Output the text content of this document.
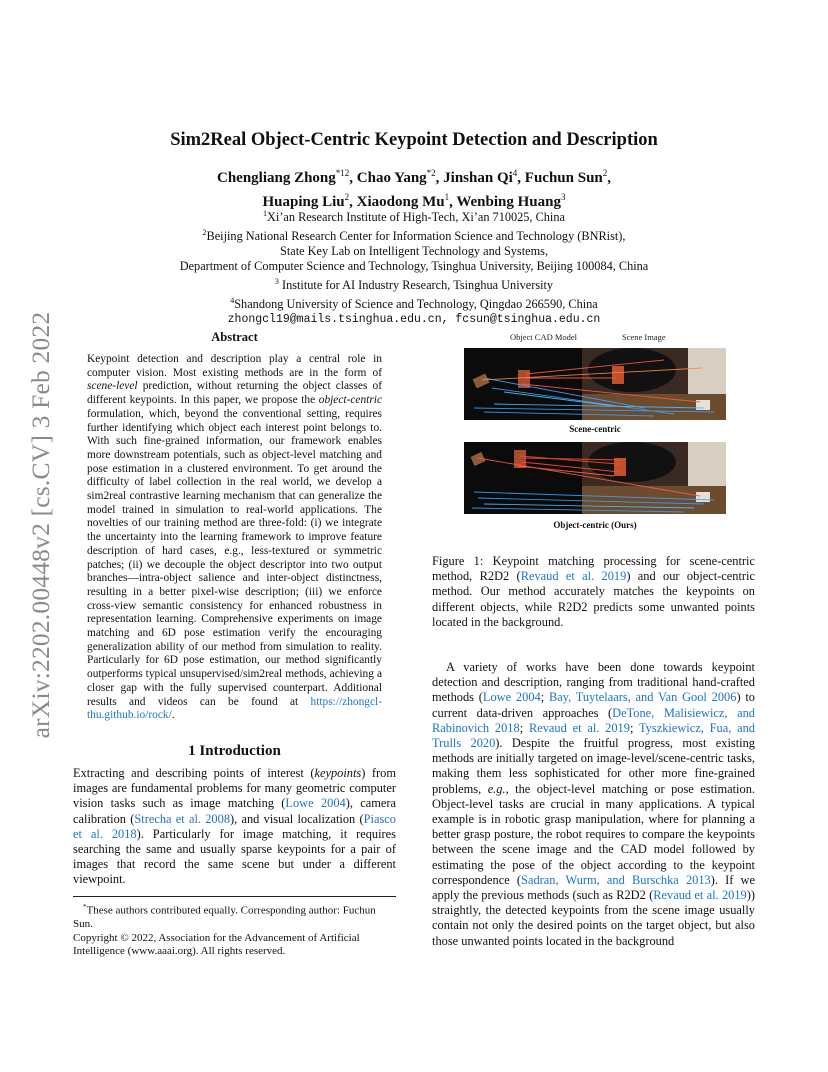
arXiv:2202.00448v2 [cs.CV] 3 Feb 2022
Sim2Real Object-Centric Keypoint Detection and Description
Chengliang Zhong$^{*12}$, Chao Yang$^{*2}$, Jinshan Qi$^4$, Fuchun Sun$^2$,
Huaping Liu$^2$, Xiaodong Mu$^1$, Wenbing Huang$^3$
$^1$Xi’an Research Institute of High-Tech, Xi’an 710025, China
$^2$Beijing National Research Center for Information Science and Technology (BNRist),
State Key Lab on Intelligent Technology and Systems,
Department of Computer Science and Technology, Tsinghua University, Beijing 100084, China
$^3$ Institute for AI Industry Research, Tsinghua University
$^4$Shandong University of Science and Technology, Qingdao 266590, China
zhongcl19@mails.tsinghua.edu.cn, fcsun@tsinghua.edu.cn
Abstract
Keypoint detection and description play a central role in computer vision. Most existing methods are in the form of scene-level prediction, without returning the object classes of different keypoints. In this paper, we propose the object-centric formulation, which, beyond the conventional setting, requires further identifying which object each interest point belongs to. With such fine-grained information, our framework enables more downstream potentials, such as object-level matching and pose estimation in a clustered environment. To get around the difficulty of label collection in the real world, we develop a sim2real contrastive learning mechanism that can generalize the model trained in simulation to real-world applications. The novelties of our training method are three-fold: (i) we integrate the uncertainty into the learning framework to improve feature description of hard cases, e.g., less-textured or symmetric patches; (ii) we decouple the object descriptor into two output branches—intra-object salience and inter-object distinctness, resulting in a better pixel-wise description; (iii) we enforce cross-view semantic consistency for enhanced robustness in representation learning. Comprehensive experiments on image matching and 6D pose estimation verify the encouraging generalization ability of our method from simulation to reality. Particularly for 6D pose estimation, our method significantly outperforms typical unsupervised/sim2real methods, achieving a closer gap with the fully supervised counterpart. Additional results and videos can be found at https://zhongcl-thu.github.io/rock/.
1 Introduction
Extracting and describing points of interest (keypoints) from images are fundamental problems for many geometric computer vision tasks such as image matching (Lowe 2004), camera calibration (Strecha et al. 2008), and visual localization (Piasco et al. 2018). Particularly for image matching, it requires searching the same and usually sparse keypoints for a pair of images that record the same scene but under a different viewpoint.
*These authors contributed equally. Corresponding author: Fuchun Sun.
Copyright © 2022, Association for the Advancement of Artificial Intelligence (www.aaai.org). All rights reserved.
Object CAD Model	Scene Image
Scene-centric
Object-centric (Ours)
Figure 1: Keypoint matching processing for scene-centric method, R2D2 (Revaud et al. 2019) and our object-centric method. Our method accurately matches the keypoints on different objects, while R2D2 predicts some unwanted points located in the background.
A variety of works have been done towards keypoint detection and description, ranging from traditional hand-crafted methods (Lowe 2004; Bay, Tuytelaars, and Van Gool 2006) to current data-driven approaches (DeTone, Malisiewicz, and Rabinovich 2018; Revaud et al. 2019; Tyszkiewicz, Fua, and Trulls 2020). Despite the fruitful progress, most existing methods are initially targeted on image-level/scene-centric tasks, making them less sophisticated for other more fine-grained problems, e.g., the object-level matching or pose estimation. Object-level tasks are crucial in many applications. A typical example is in robotic grasp manipulation, where for planning a better grasp posture, the robot requires to compare the keypoints between the scene image and the CAD model followed by estimating the pose of the object according to the keypoint correspondence (Sadran, Wurm, and Burschka 2013). If we apply the previous methods (such as R2D2 (Revaud et al. 2019)) straightly, the detected keypoints from the scene image usually contain not only the desired points on the target object, but also those unwanted points located in the background
